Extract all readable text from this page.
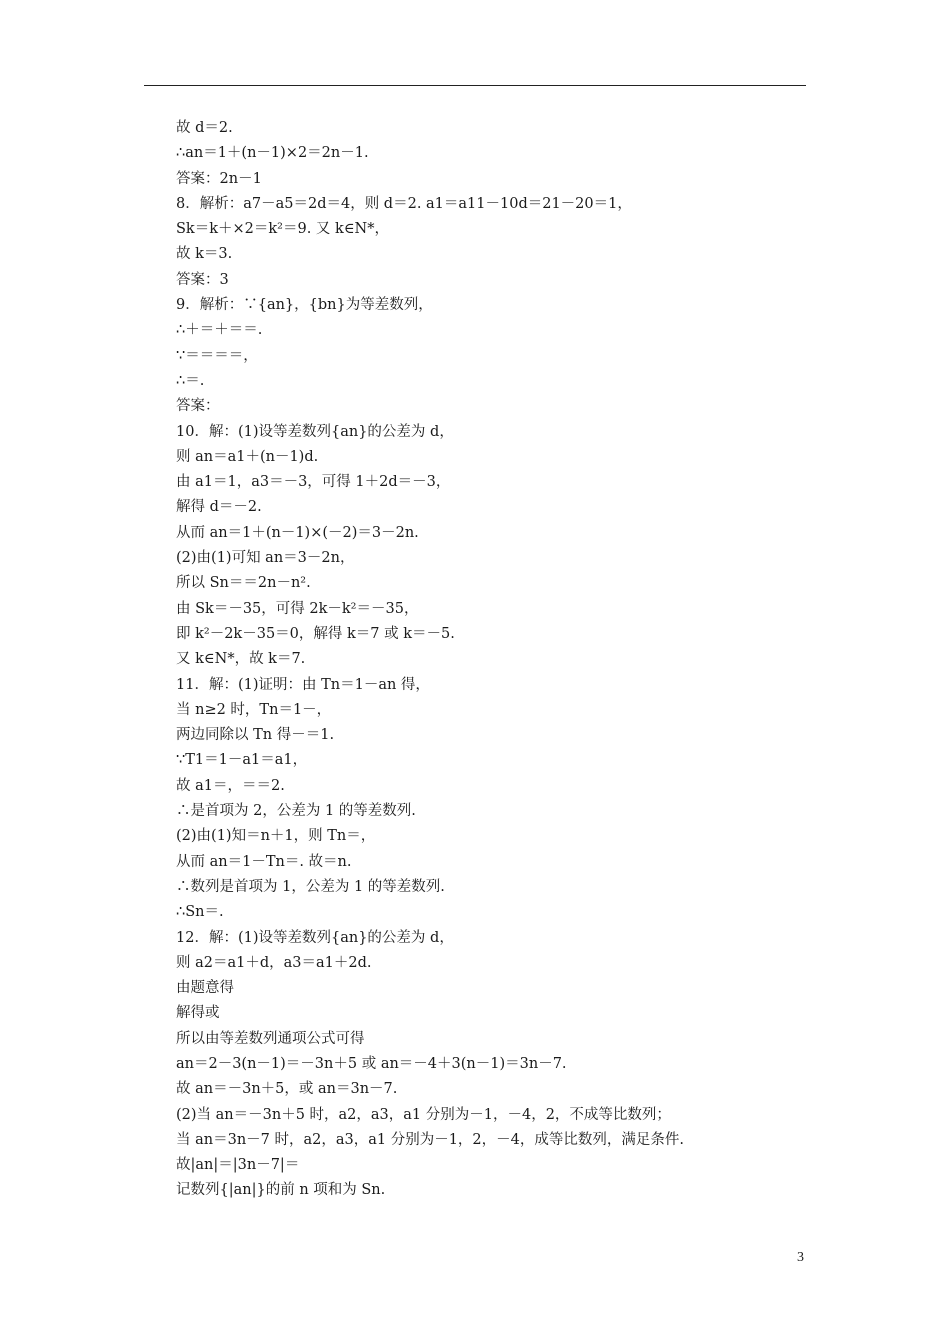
故 d＝2.
∴an＝1＋(n－1)×2＝2n－1.
答案：2n－1
8．解析：a7－a5＝2d＝4，则 d＝2. a1＝a11－10d＝21－20＝1，
Sk＝k＋×2＝k²＝9. 又 k∈N*，
故 k＝3.
答案：3
9．解析：∵{an}，{bn}为等差数列，
∴＋＝＋＝＝.
∵＝＝＝＝，
∴＝.
答案：
10．解：(1)设等差数列{an}的公差为 d，
则 an＝a1＋(n－1)d.
由 a1＝1，a3＝－3，可得 1＋2d＝－3，
解得 d＝－2.
从而 an＝1＋(n－1)×(－2)＝3－2n.
(2)由(1)可知 an＝3－2n，
所以 Sn＝＝2n－n².
由 Sk＝－35，可得 2k－k²＝－35，
即 k²－2k－35＝0，解得 k＝7 或 k＝－5.
又 k∈N*，故 k＝7.
11．解：(1)证明：由 Tn＝1－an 得，
当 n≥2 时，Tn＝1－，
两边同除以 Tn 得－＝1.
∵T1＝1－a1＝a1，
故 a1＝，＝＝2.
∴是首项为 2，公差为 1 的等差数列.
(2)由(1)知＝n＋1，则 Tn＝，
从而 an＝1－Tn＝. 故＝n.
∴数列是首项为 1，公差为 1 的等差数列.
∴Sn＝.
12．解：(1)设等差数列{an}的公差为 d，
则 a2＝a1＋d，a3＝a1＋2d.
由题意得
解得或
所以由等差数列通项公式可得
an＝2－3(n－1)＝－3n＋5 或 an＝－4＋3(n－1)＝3n－7.
故 an＝－3n＋5，或 an＝3n－7.
(2)当 an＝－3n＋5 时，a2，a3，a1 分别为－1，－4，2，不成等比数列；
当 an＝3n－7 时，a2，a3，a1 分别为－1，2，－4，成等比数列，满足条件.
故|an|＝|3n－7|＝
记数列{|an|}的前 n 项和为 Sn.
3
